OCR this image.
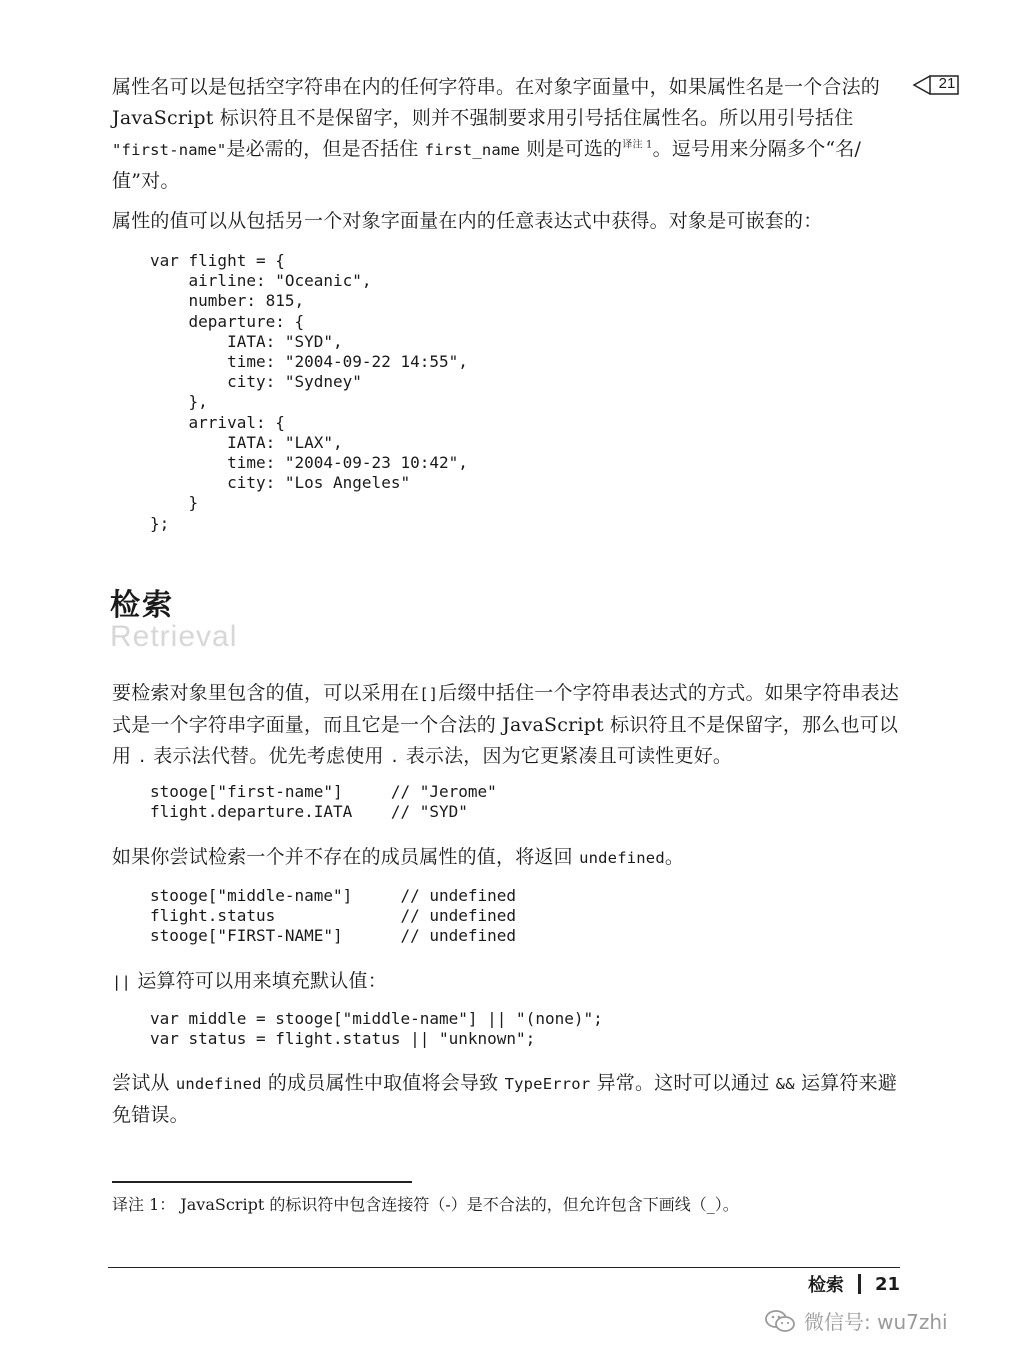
21

属性名可以是包括空字符串在内的任何字符串。在对象字面量中，如果属性名是一个合法的 JavaScript 标识符且不是保留字，则并不强制要求用引号括住属性名。所以用引号括住 "first-name"是必需的，但是否括住 first_name 则是可选的$^{译注 1}$。逗号用来分隔多个“名/值”对。

属性的值可以从包括另一个对象字面量在内的任意表达式中获得。对象是可嵌套的：

var flight = {
airline: "Oceanic",
number: 815,
departure: {
IATA: "SYD",
time: "2004-09-22 14:55",
city: "Sydney"
},
arrival: {
IATA: "LAX",
time: "2004-09-23 10:42",
city: "Los Angeles"
}
};
检索
Retrieval

要检索对象里包含的值，可以采用在[]后缀中括住一个字符串表达式的方式。如果字符串表达式是一个字符串字面量，而且它是一个合法的 JavaScript 标识符且不是保留字，那么也可以用 . 表示法代替。优先考虑使用 . 表示法，因为它更紧凑且可读性更好。

stooge["first-name"]     // "Jerome"
flight.departure.IATA    // "SYD"

如果你尝试检索一个并不存在的成员属性的值，将返回 undefined。

stooge["middle-name"]     // undefined
flight.status             // undefined
stooge["FIRST-NAME"]      // undefined

|| 运算符可以用来填充默认值：

var middle = stooge["middle-name"] || "(none)";
var status = flight.status || "unknown";

尝试从 undefined 的成员属性中取值将会导致 TypeError 异常。这时可以通过 && 运算符来避免错误。

译注 1： JavaScript 的标识符中包含连接符（-）是不合法的，但允许包含下画线（_）。

检索 21
微信号: wu7zhi
